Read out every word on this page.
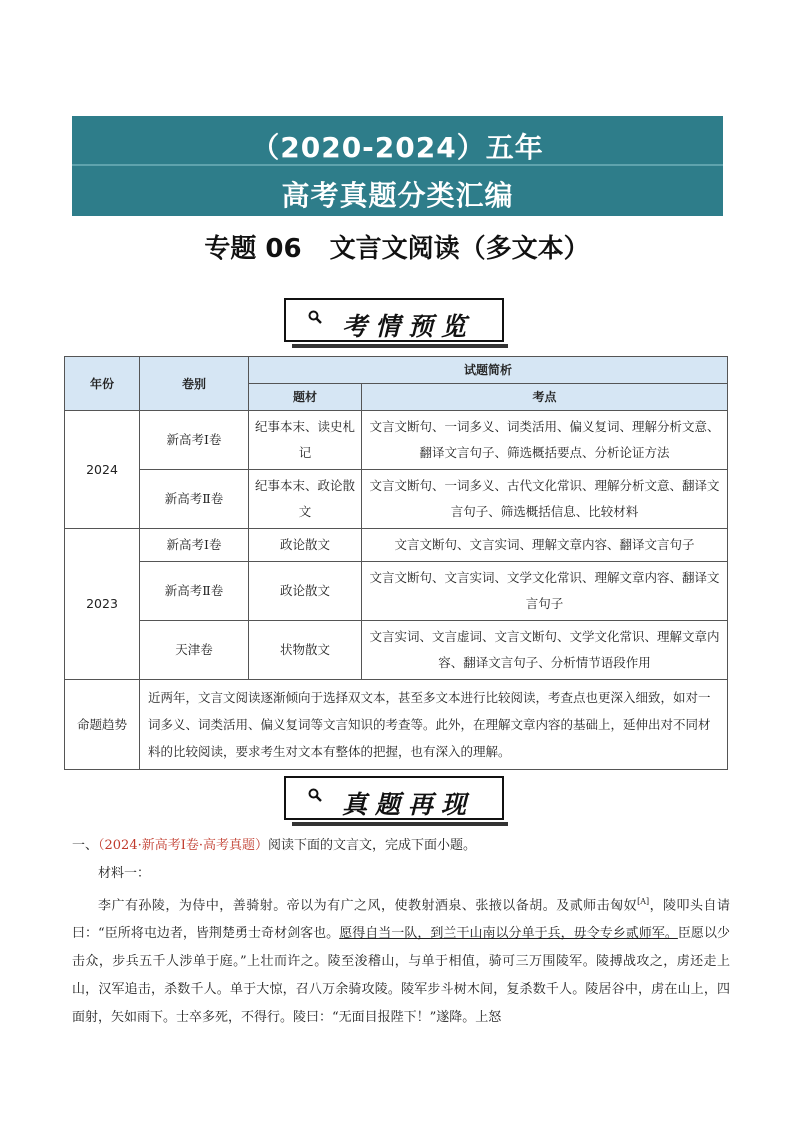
（2020-2024）五年
高考真题分类汇编
专题 06 文言文阅读（多文本）
考情预览
年份	卷别	试题简析	
		题材	考点
2024	新高考Ⅰ卷	纪事本末、读史札记	文言文断句、一词多义、词类活用、偏义复词、理解分析文意、翻译文言句子、筛选概括要点、分析论证方法
	新高考Ⅱ卷	纪事本末、政论散文	文言文断句、一词多义、古代文化常识、理解分析文意、翻译文言句子、筛选概括信息、比较材料
2023	新高考Ⅰ卷	政论散文	文言文断句、文言实词、理解文章内容、翻译文言句子
	新高考Ⅱ卷	政论散文	文言文断句、文言实词、文学文化常识、理解文章内容、翻译文言句子
	天津卷	状物散文	文言实词、文言虚词、文言文断句、文学文化常识、理解文章内容、翻译文言句子、分析情节语段作用
命题趋势	近两年，文言文阅读逐渐倾向于选择双文本，甚至多文本进行比较阅读，考查点也更深入细致，如对一词多义、词类活用、偏义复词等文言知识的考查等。此外，在理解文章内容的基础上，延伸出对不同材料的比较阅读，要求考生对文本有整体的把握，也有深入的理解。		
真题再现
一、（2024·新高考Ⅰ卷·高考真题）阅读下面的文言文，完成下面小题。
材料一：
李广有孙陵，为侍中，善骑射。帝以为有广之风，使教射酒泉、张掖以备胡。及贰师击匈奴[A]，陵叩头自请曰：“臣所将屯边者，皆荆楚勇士奇材剑客也。愿得自当一队，到兰干山南以分单于兵，毋令专乡贰师军。臣愿以少击众，步兵五千人涉单于庭。”上壮而许之。陵至浚稽山，与单于相值，骑可三万围陵军。陵搏战攻之，虏还走上山，汉军追击，杀数千人。单于大惊，召八万余骑攻陵。陵军步斗树木间，复杀数千人。陵居谷中，虏在山上，四面射，矢如雨下。士卒多死，不得行。陵曰：“无面目报陛下！”遂降。上怒
